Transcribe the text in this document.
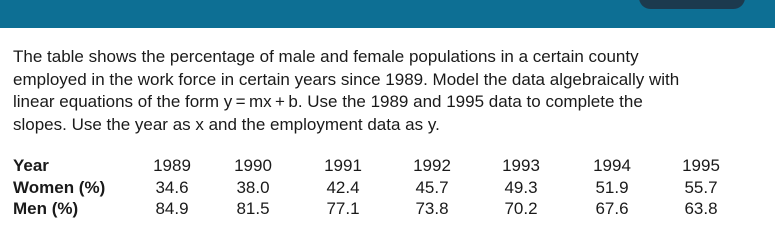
The table shows the percentage of male and female populations in a certain county
employed in the work force in certain years since 1989. Model the data algebraically with
linear equations of the form y = mx + b. Use the 1989 and 1995 data to complete the
slopes. Use the year as x and the employment data as y.
Year	1989	1990	1991	1992	1993	1994	1995
Women (%)	34.6	38.0	42.4	45.7	49.3	51.9	55.7
Men (%)	84.9	81.5	77.1	73.8	70.2	67.6	63.8
